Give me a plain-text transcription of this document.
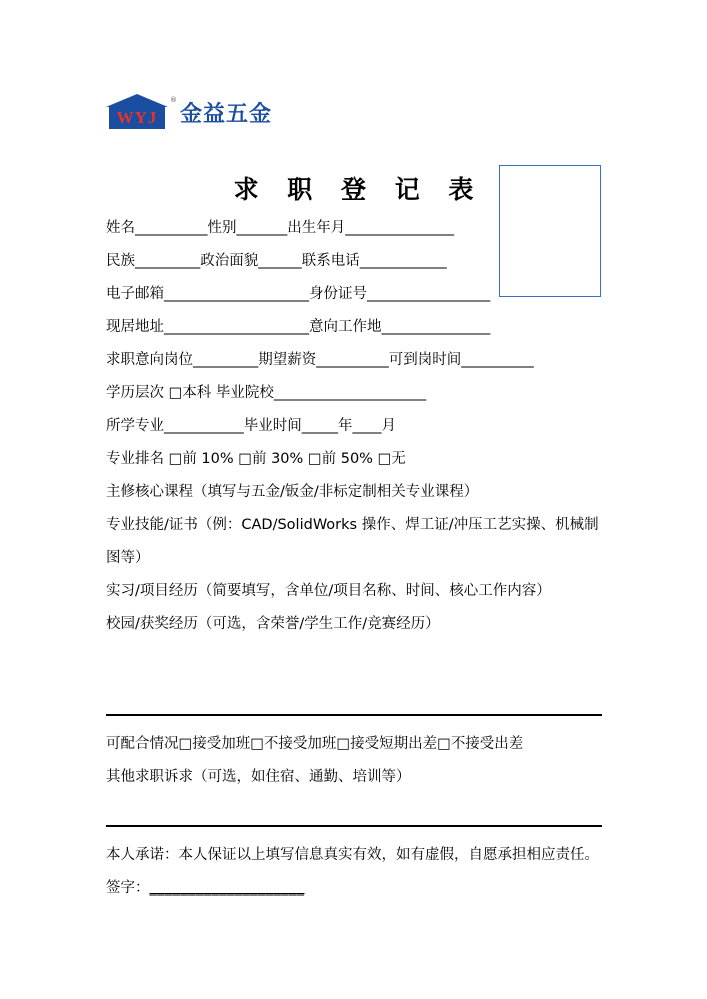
WYJ
®
金益五金
求 职 登 记 表
姓名__________性别_______出生年月_______________
民族_________政治面貌______联系电话____________
电子邮箱____________________身份证号_________________
现居地址____________________意向工作地_______________
求职意向岗位_________期望薪资__________可到岗时间__________
学历层次 □本科 毕业院校_____________________
所学专业___________毕业时间_____年____月
专业排名 □前 10% □前 30% □前 50% □无
主修核心课程（填写与五金/钣金/非标定制相关专业课程）
专业技能/证书（例：CAD/SolidWorks 操作、焊工证/冲压工艺实操、机械制图等）
实习/项目经历（简要填写，含单位/项目名称、时间、核心工作内容）
校园/获奖经历（可选，含荣誉/学生工作/竞赛经历）
可配合情况□接受加班□不接受加班□接受短期出差□不接受出差
其他求职诉求（可选，如住宿、通勤、培训等）
本人承诺：本人保证以上填写信息真实有效，如有虚假，自愿承担相应责任。签字：____________________
